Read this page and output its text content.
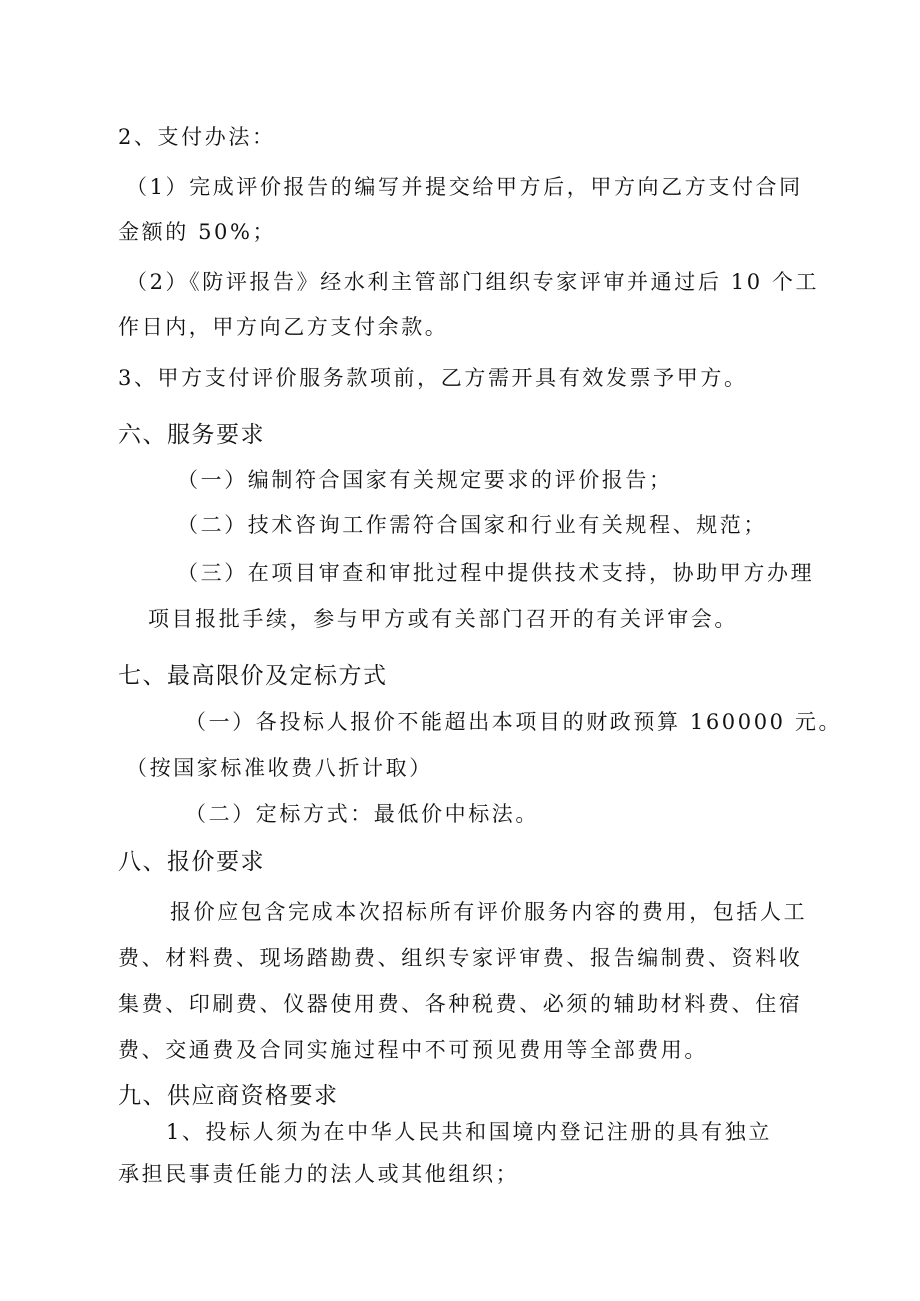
2、支付办法：
（1）完成评价报告的编写并提交给甲方后，甲方向乙方支付合同
金额的 50%；
（2）《防评报告》经水利主管部门组织专家评审并通过后 10 个工
作日内，甲方向乙方支付余款。
3、甲方支付评价服务款项前，乙方需开具有效发票予甲方。
六、服务要求
（一）编制符合国家有关规定要求的评价报告；
（二）技术咨询工作需符合国家和行业有关规程、规范；
（三）在项目审查和审批过程中提供技术支持，协助甲方办理
项目报批手续，参与甲方或有关部门召开的有关评审会。
七、最高限价及定标方式
（一）各投标人报价不能超出本项目的财政预算 160000 元。
（按国家标准收费八折计取）
（二）定标方式：最低价中标法。
八、报价要求
报价应包含完成本次招标所有评价服务内容的费用，包括人工
费、材料费、现场踏勘费、组织专家评审费、报告编制费、资料收
集费、印刷费、仪器使用费、各种税费、必须的辅助材料费、住宿
费、交通费及合同实施过程中不可预见费用等全部费用。
九、供应商资格要求
1、投标人须为在中华人民共和国境内登记注册的具有独立
承担民事责任能力的法人或其他组织；
